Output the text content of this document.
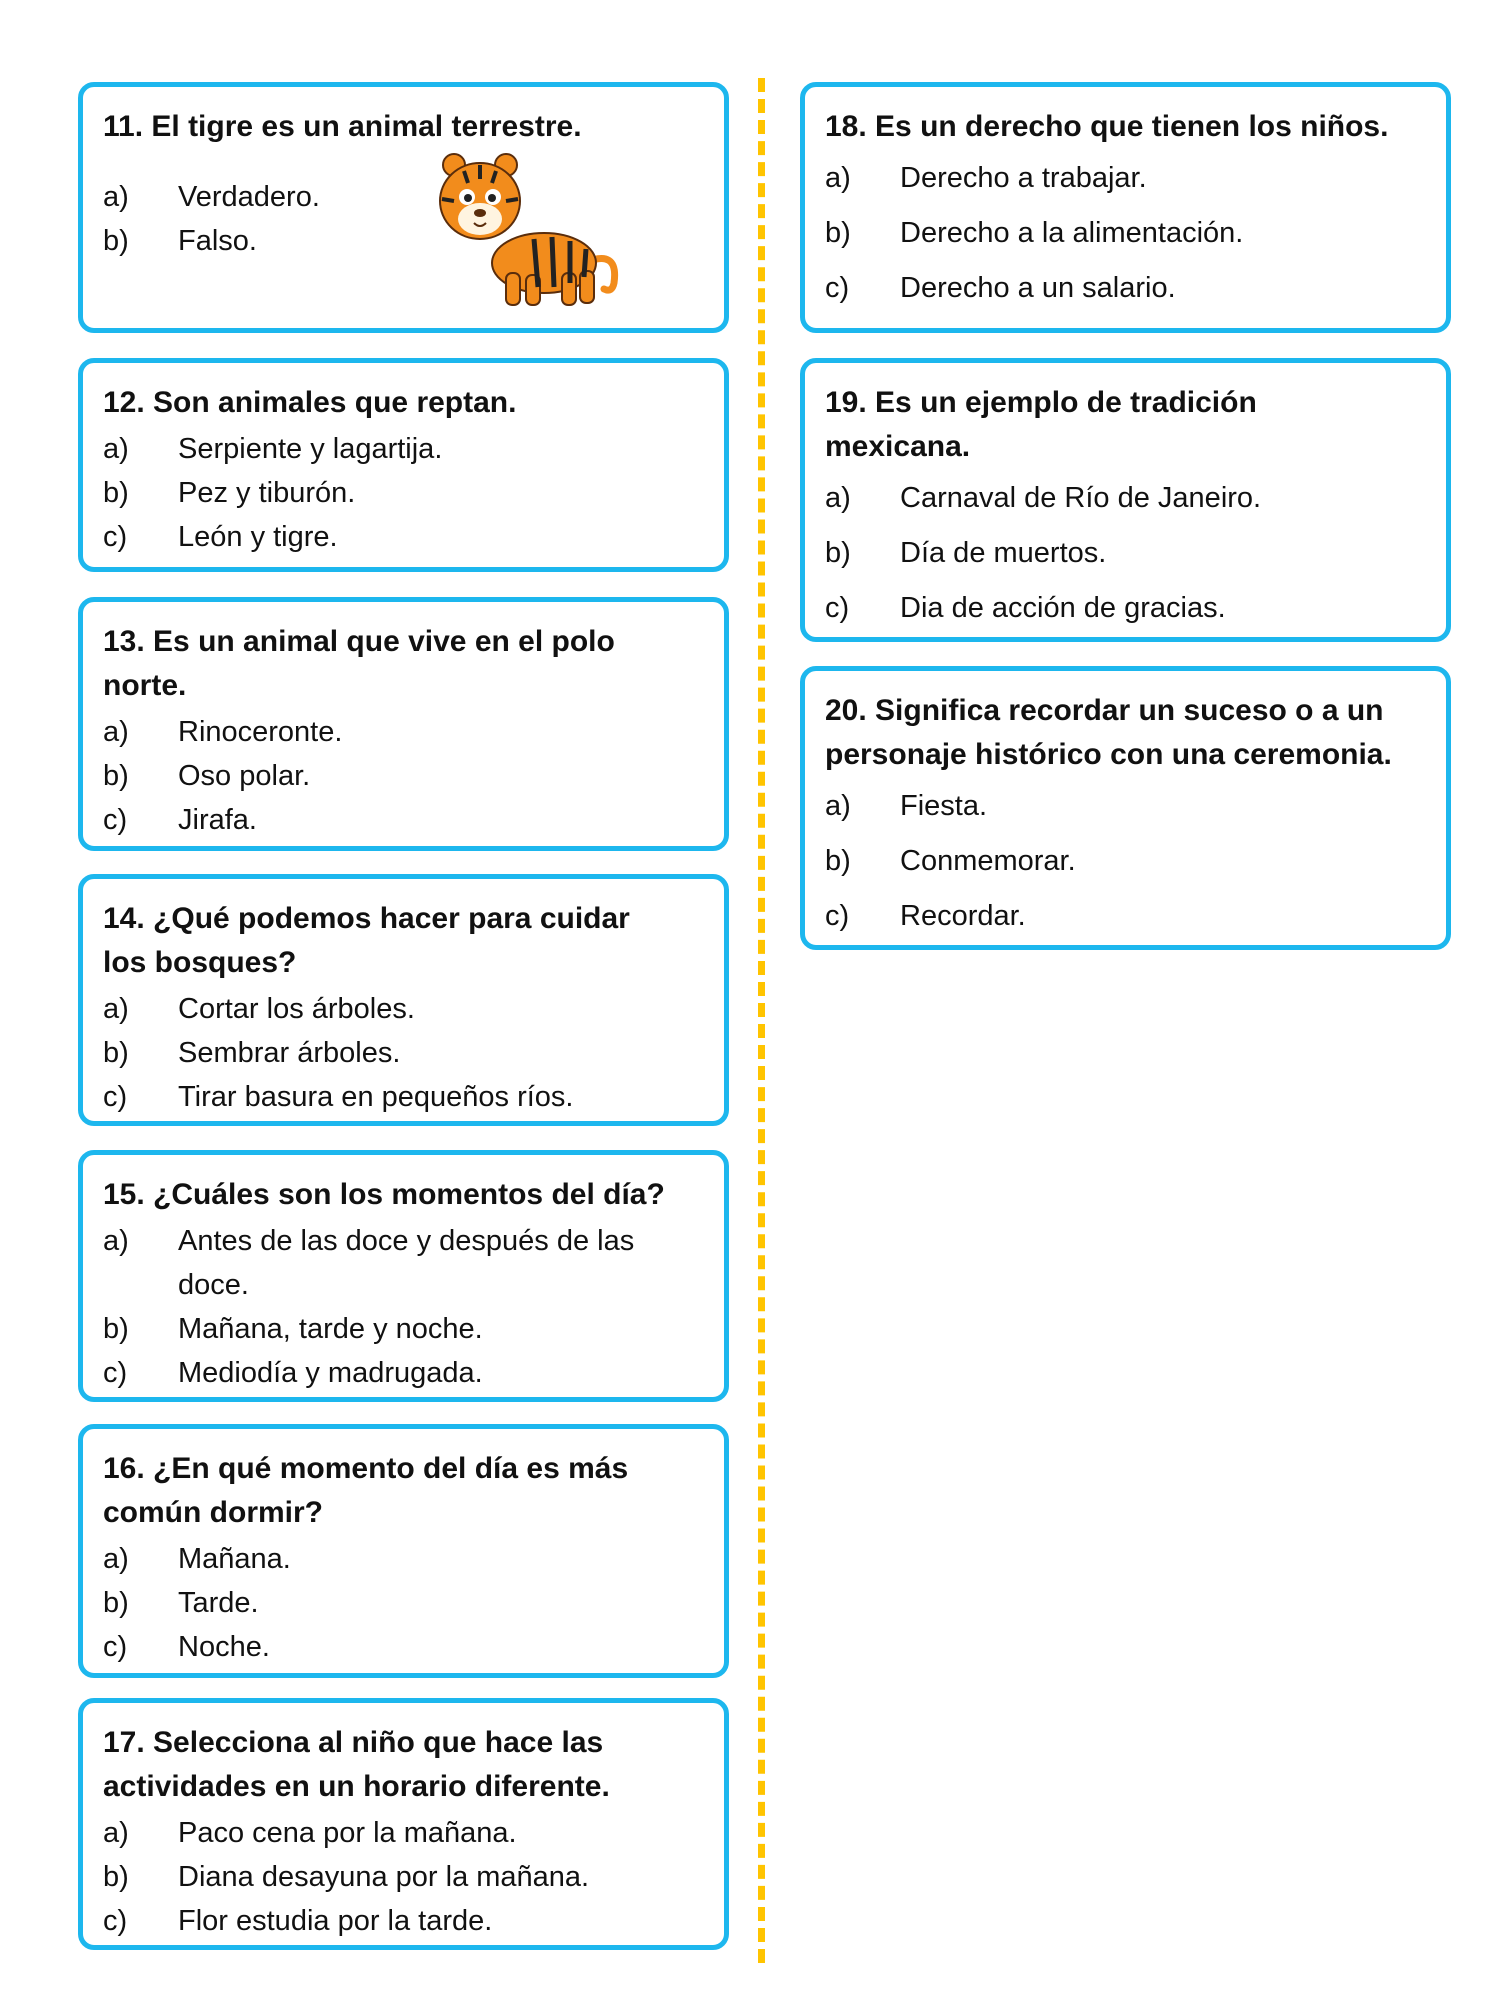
11. El tigre es un animal terrestre.

a)	Verdadero.
b)	Falso.

12. Son animales que reptan.

a)	Serpiente y lagartija.
b)	Pez y tiburón.
c)	León y tigre.

13. Es un animal que vive en el polo norte.

a)	Rinoceronte.
b)	Oso polar.
c)	Jirafa.

14. ¿Qué podemos hacer para cuidar los bosques?

a)	Cortar los árboles.
b)	Sembrar árboles.
c)	Tirar basura en pequeños ríos.

15. ¿Cuáles son los momentos del día?

a)	Antes de las doce y después de las doce.
b)	Mañana, tarde y noche.
c)	Mediodía y madrugada.

16. ¿En qué momento del día es más común dormir?

a)	Mañana.
b)	Tarde.
c)	Noche.

17. Selecciona al niño que hace las actividades en un horario diferente.

a)	Paco cena por la mañana.
b)	Diana desayuna por la mañana.
c)	Flor estudia por la tarde.

18. Es un derecho que tienen los niños.

a)	Derecho a trabajar.
b)	Derecho a la alimentación.
c)	Derecho a un salario.

19. Es un ejemplo de tradición mexicana.

a)	Carnaval de Río de Janeiro.
b)	Día de muertos.
c)	Dia de acción de gracias.

20. Significa recordar un suceso o a un personaje histórico con una ceremonia.

a)	Fiesta.
b)	Conmemorar.
c)	Recordar.
